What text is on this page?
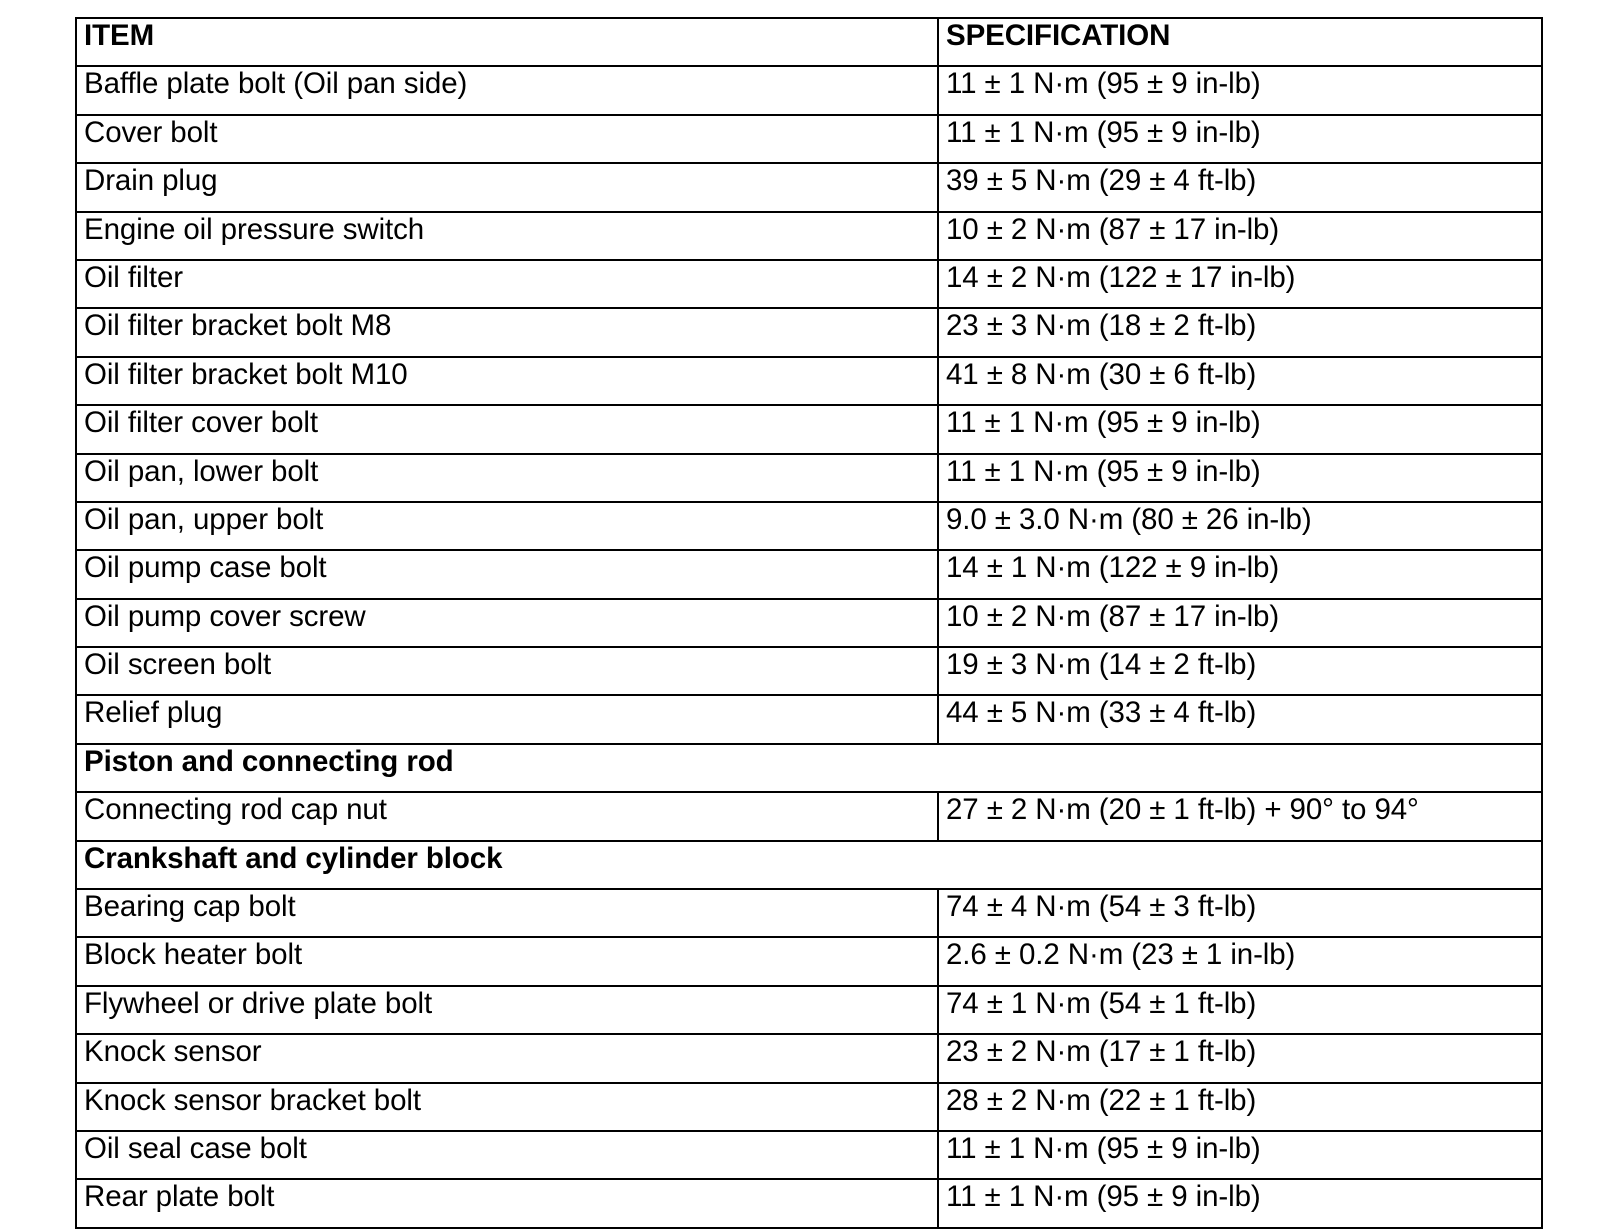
ITEM	SPECIFICATION
Baffle plate bolt (Oil pan side)	11 ± 1 N·m (95 ± 9 in-lb)
Cover bolt	11 ± 1 N·m (95 ± 9 in-lb)
Drain plug	39 ± 5 N·m (29 ± 4 ft-lb)
Engine oil pressure switch	10 ± 2 N·m (87 ± 17 in-lb)
Oil filter	14 ± 2 N·m (122 ± 17 in-lb)
Oil filter bracket bolt M8	23 ± 3 N·m (18 ± 2 ft-lb)
Oil filter bracket bolt M10	41 ± 8 N·m (30 ± 6 ft-lb)
Oil filter cover bolt	11 ± 1 N·m (95 ± 9 in-lb)
Oil pan, lower bolt	11 ± 1 N·m (95 ± 9 in-lb)
Oil pan, upper bolt	9.0 ± 3.0 N·m (80 ± 26 in-lb)
Oil pump case bolt	14 ± 1 N·m (122 ± 9 in-lb)
Oil pump cover screw	10 ± 2 N·m (87 ± 17 in-lb)
Oil screen bolt	19 ± 3 N·m (14 ± 2 ft-lb)
Relief plug	44 ± 5 N·m (33 ± 4 ft-lb)
Piston and connecting rod	
Connecting rod cap nut	27 ± 2 N·m (20 ± 1 ft-lb) + 90° to 94°
Crankshaft and cylinder block	
Bearing cap bolt	74 ± 4 N·m (54 ± 3 ft-lb)
Block heater bolt	2.6 ± 0.2 N·m (23 ± 1 in-lb)
Flywheel or drive plate bolt	74 ± 1 N·m (54 ± 1 ft-lb)
Knock sensor	23 ± 2 N·m (17 ± 1 ft-lb)
Knock sensor bracket bolt	28 ± 2 N·m (22 ± 1 ft-lb)
Oil seal case bolt	11 ± 1 N·m (95 ± 9 in-lb)
Rear plate bolt	11 ± 1 N·m (95 ± 9 in-lb)
